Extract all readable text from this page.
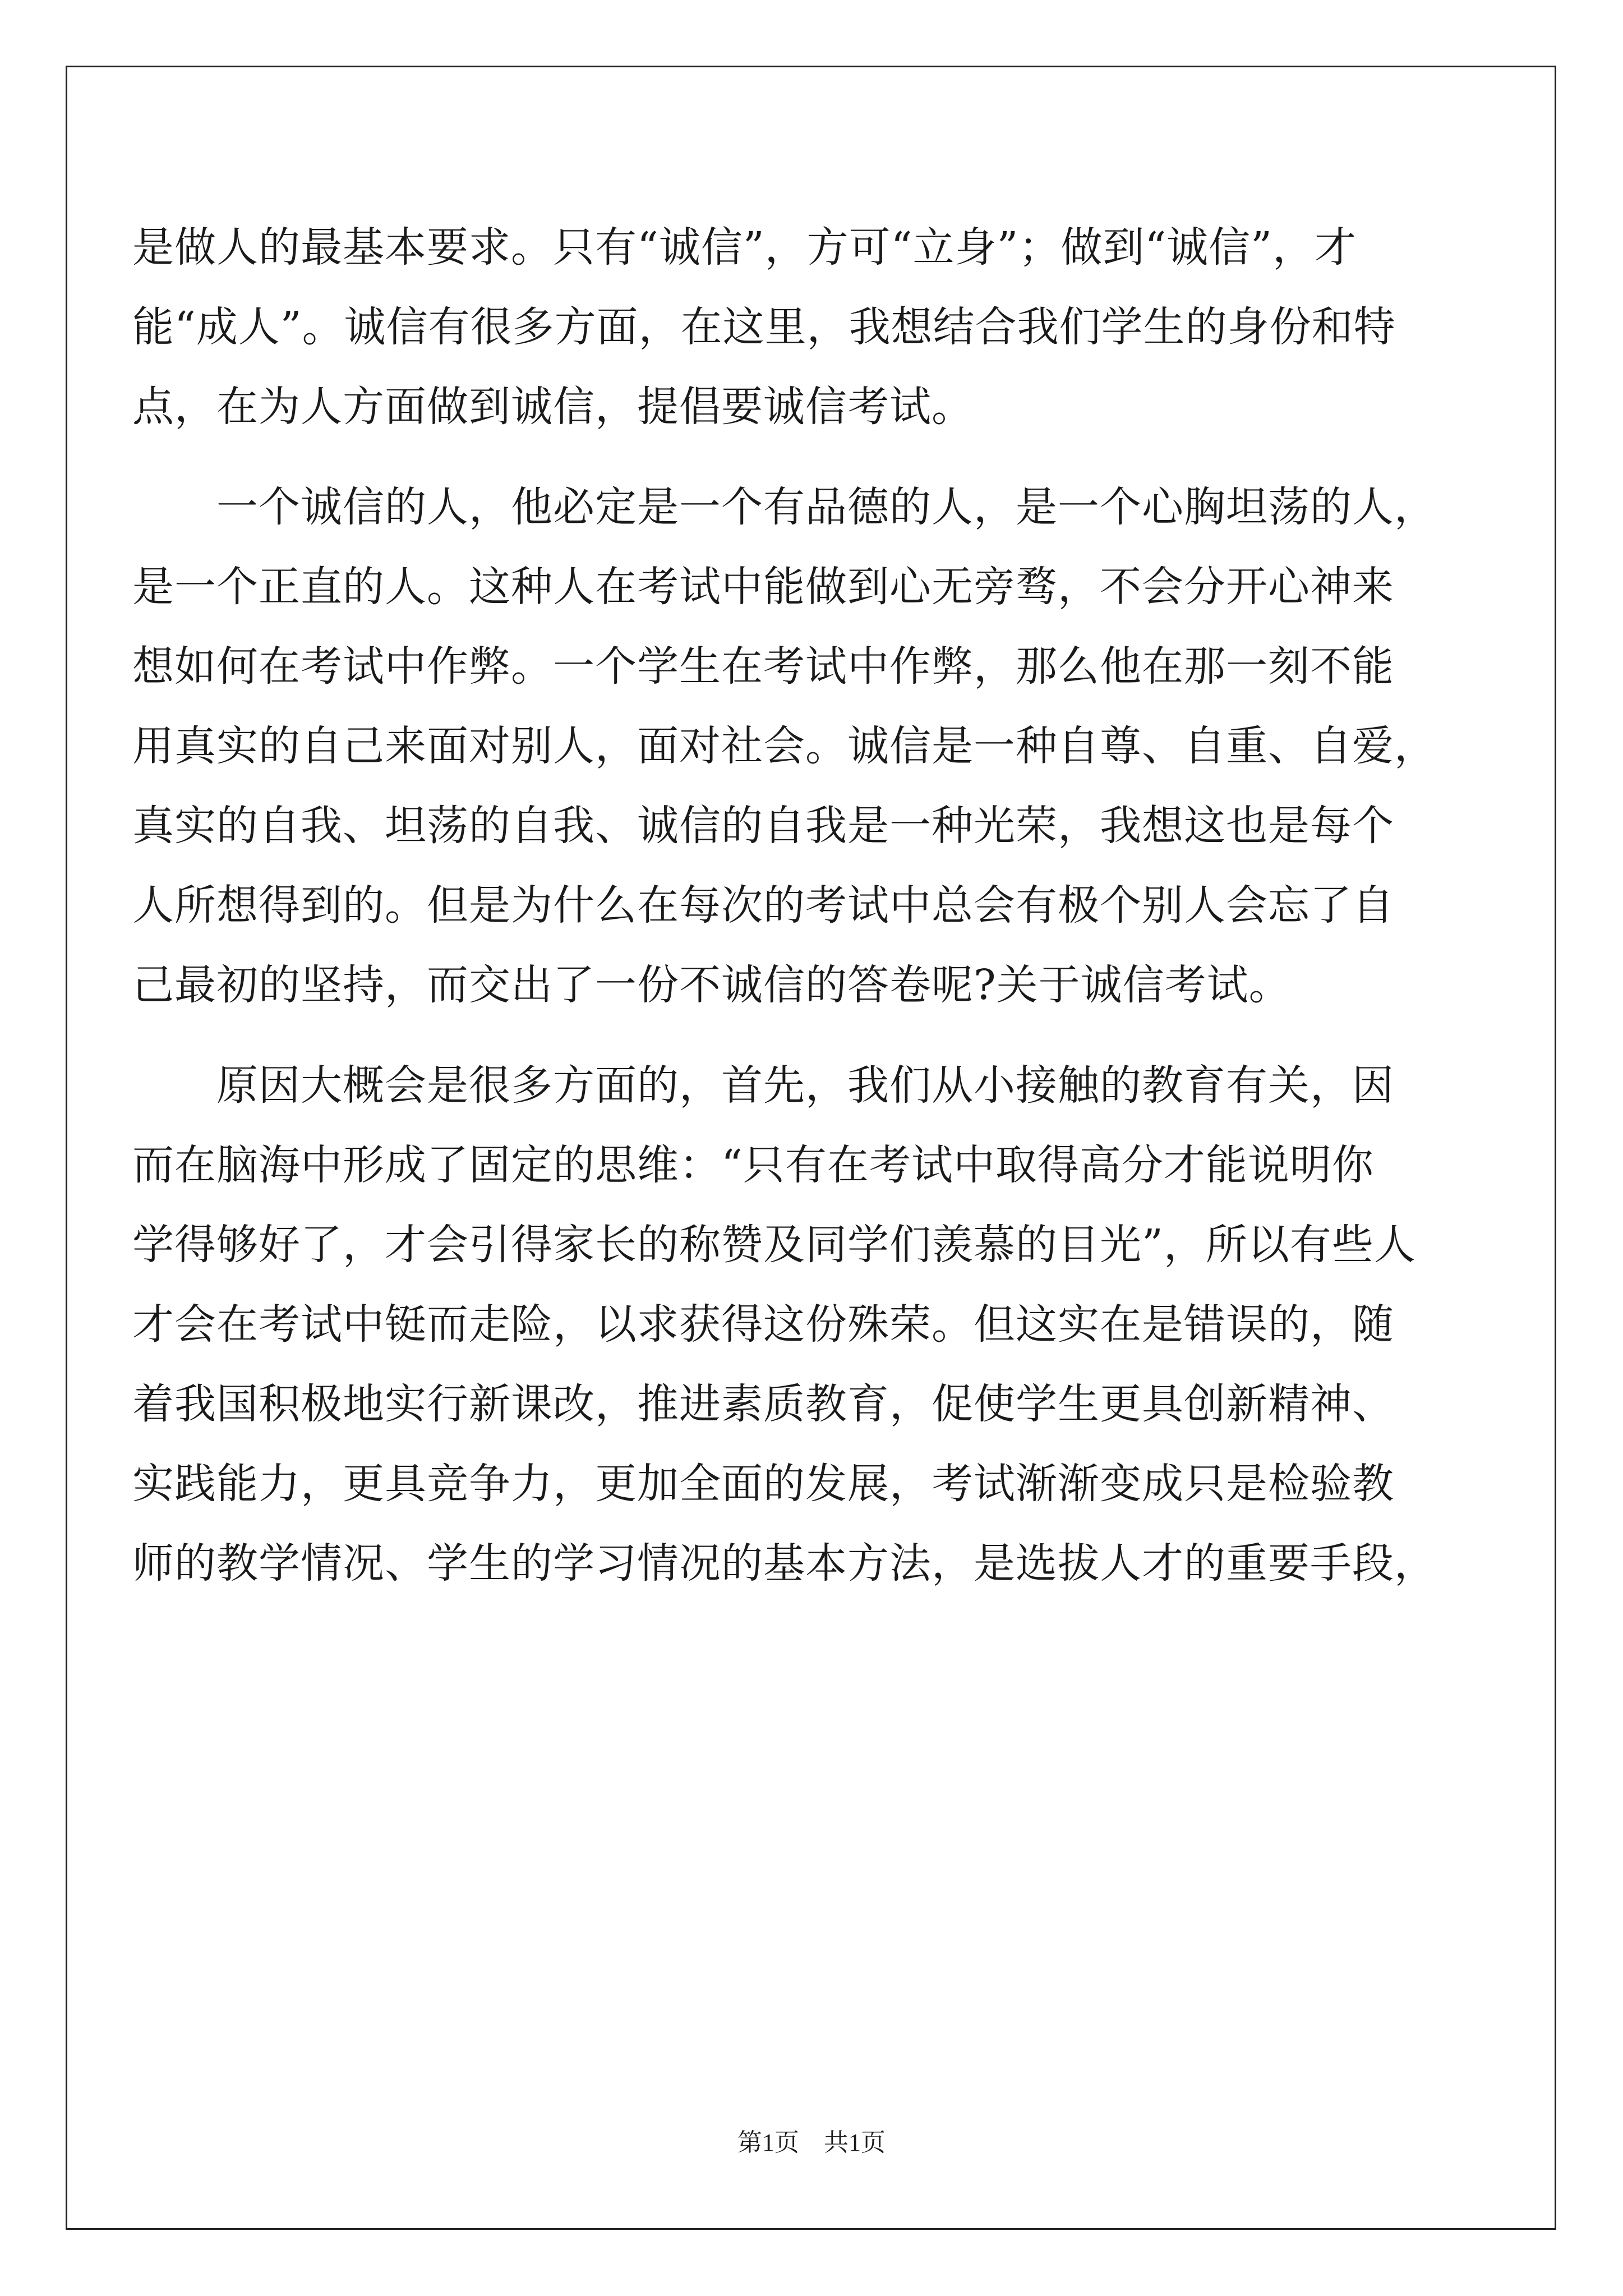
是做人的最基本要求。只有“诚信”，方可“立身”；做到“诚信”，才
能“成人”。诚信有很多方面，在这里，我想结合我们学生的身份和特
点，在为人方面做到诚信，提倡要诚信考试。
　　一个诚信的人，他必定是一个有品德的人，是一个心胸坦荡的人，
是一个正直的人。这种人在考试中能做到心无旁骛，不会分开心神来
想如何在考试中作弊。一个学生在考试中作弊，那么他在那一刻不能
用真实的自己来面对别人，面对社会。诚信是一种自尊、自重、自爱，
真实的自我、坦荡的自我、诚信的自我是一种光荣，我想这也是每个
人所想得到的。但是为什么在每次的考试中总会有极个别人会忘了自
己最初的坚持，而交出了一份不诚信的答卷呢?关于诚信考试。
　　原因大概会是很多方面的，首先，我们从小接触的教育有关，因
而在脑海中形成了固定的思维：“只有在考试中取得高分才能说明你
学得够好了，才会引得家长的称赞及同学们羡慕的目光”，所以有些人
才会在考试中铤而走险，以求获得这份殊荣。但这实在是错误的，随
着我国积极地实行新课改，推进素质教育，促使学生更具创新精神、
实践能力，更具竞争力，更加全面的发展，考试渐渐变成只是检验教
师的教学情况、学生的学习情况的基本方法，是选拔人才的重要手段，
第1页　共1页
